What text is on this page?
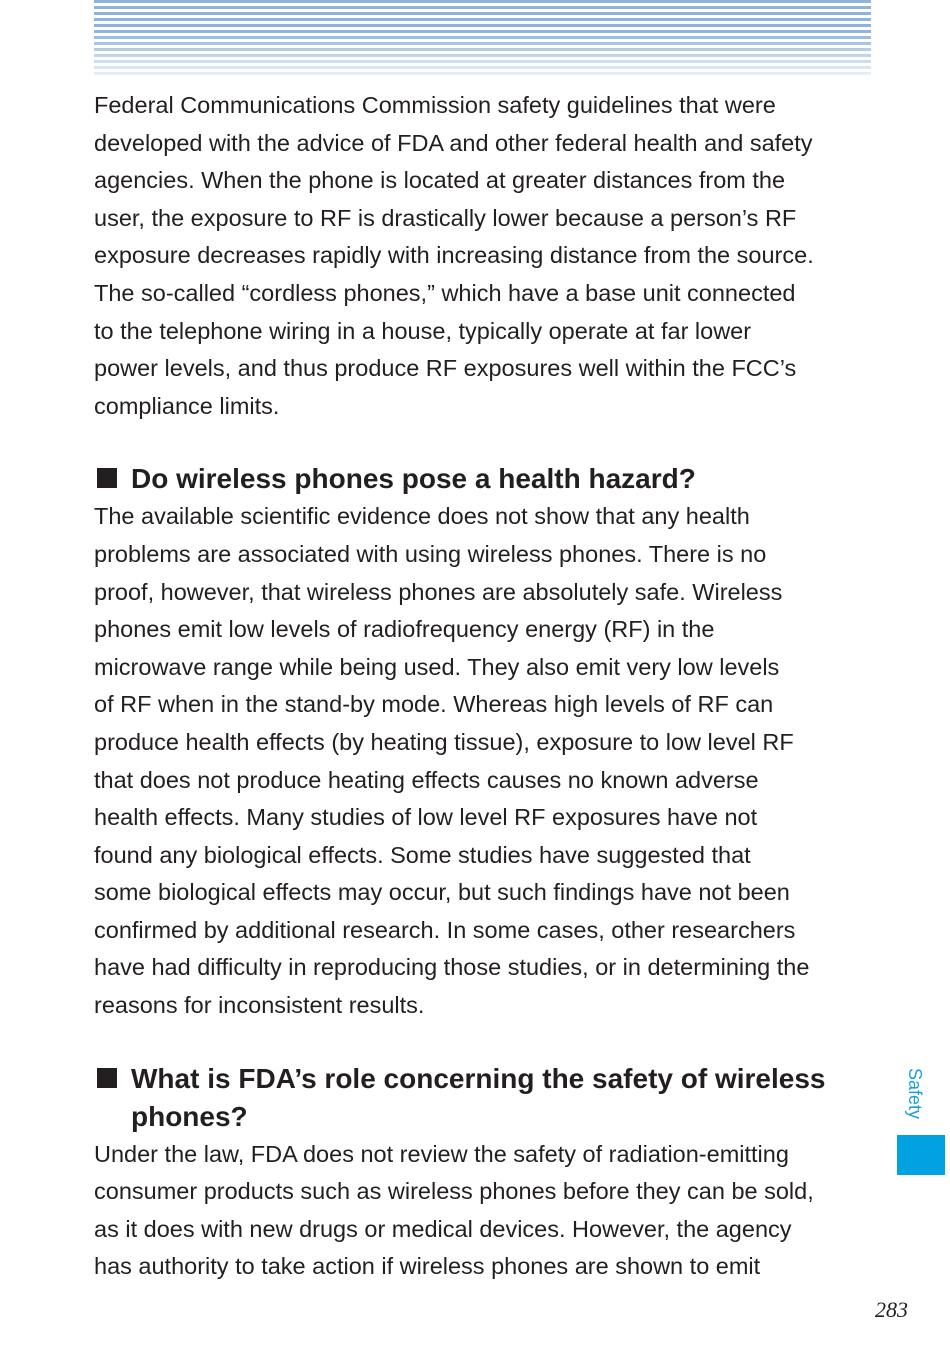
Federal Communications Commission safety guidelines that were
developed with the advice of FDA and other federal health and safety
agencies. When the phone is located at greater distances from the
user, the exposure to RF is drastically lower because a person’s RF
exposure decreases rapidly with increasing distance from the source.
The so-called “cordless phones,” which have a base unit connected
to the telephone wiring in a house, typically operate at far lower
power levels, and thus produce RF exposures well within the FCC’s
compliance limits.

Do wireless phones pose a health hazard?

The available scientific evidence does not show that any health
problems are associated with using wireless phones. There is no
proof, however, that wireless phones are absolutely safe. Wireless
phones emit low levels of radiofrequency energy (RF) in the
microwave range while being used. They also emit very low levels
of RF when in the stand-by mode. Whereas high levels of RF can
produce health effects (by heating tissue), exposure to low level RF
that does not produce heating effects causes no known adverse
health effects. Many studies of low level RF exposures have not
found any biological effects. Some studies have suggested that
some biological effects may occur, but such findings have not been
confirmed by additional research. In some cases, other researchers
have had difficulty in reproducing those studies, or in determining the
reasons for inconsistent results.

What is FDA’s role concerning the safety of wireless
phones?

Under the law, FDA does not review the safety of radiation-emitting
consumer products such as wireless phones before they can be sold,
as it does with new drugs or medical devices. However, the agency
has authority to take action if wireless phones are shown to emit

Safety
283
